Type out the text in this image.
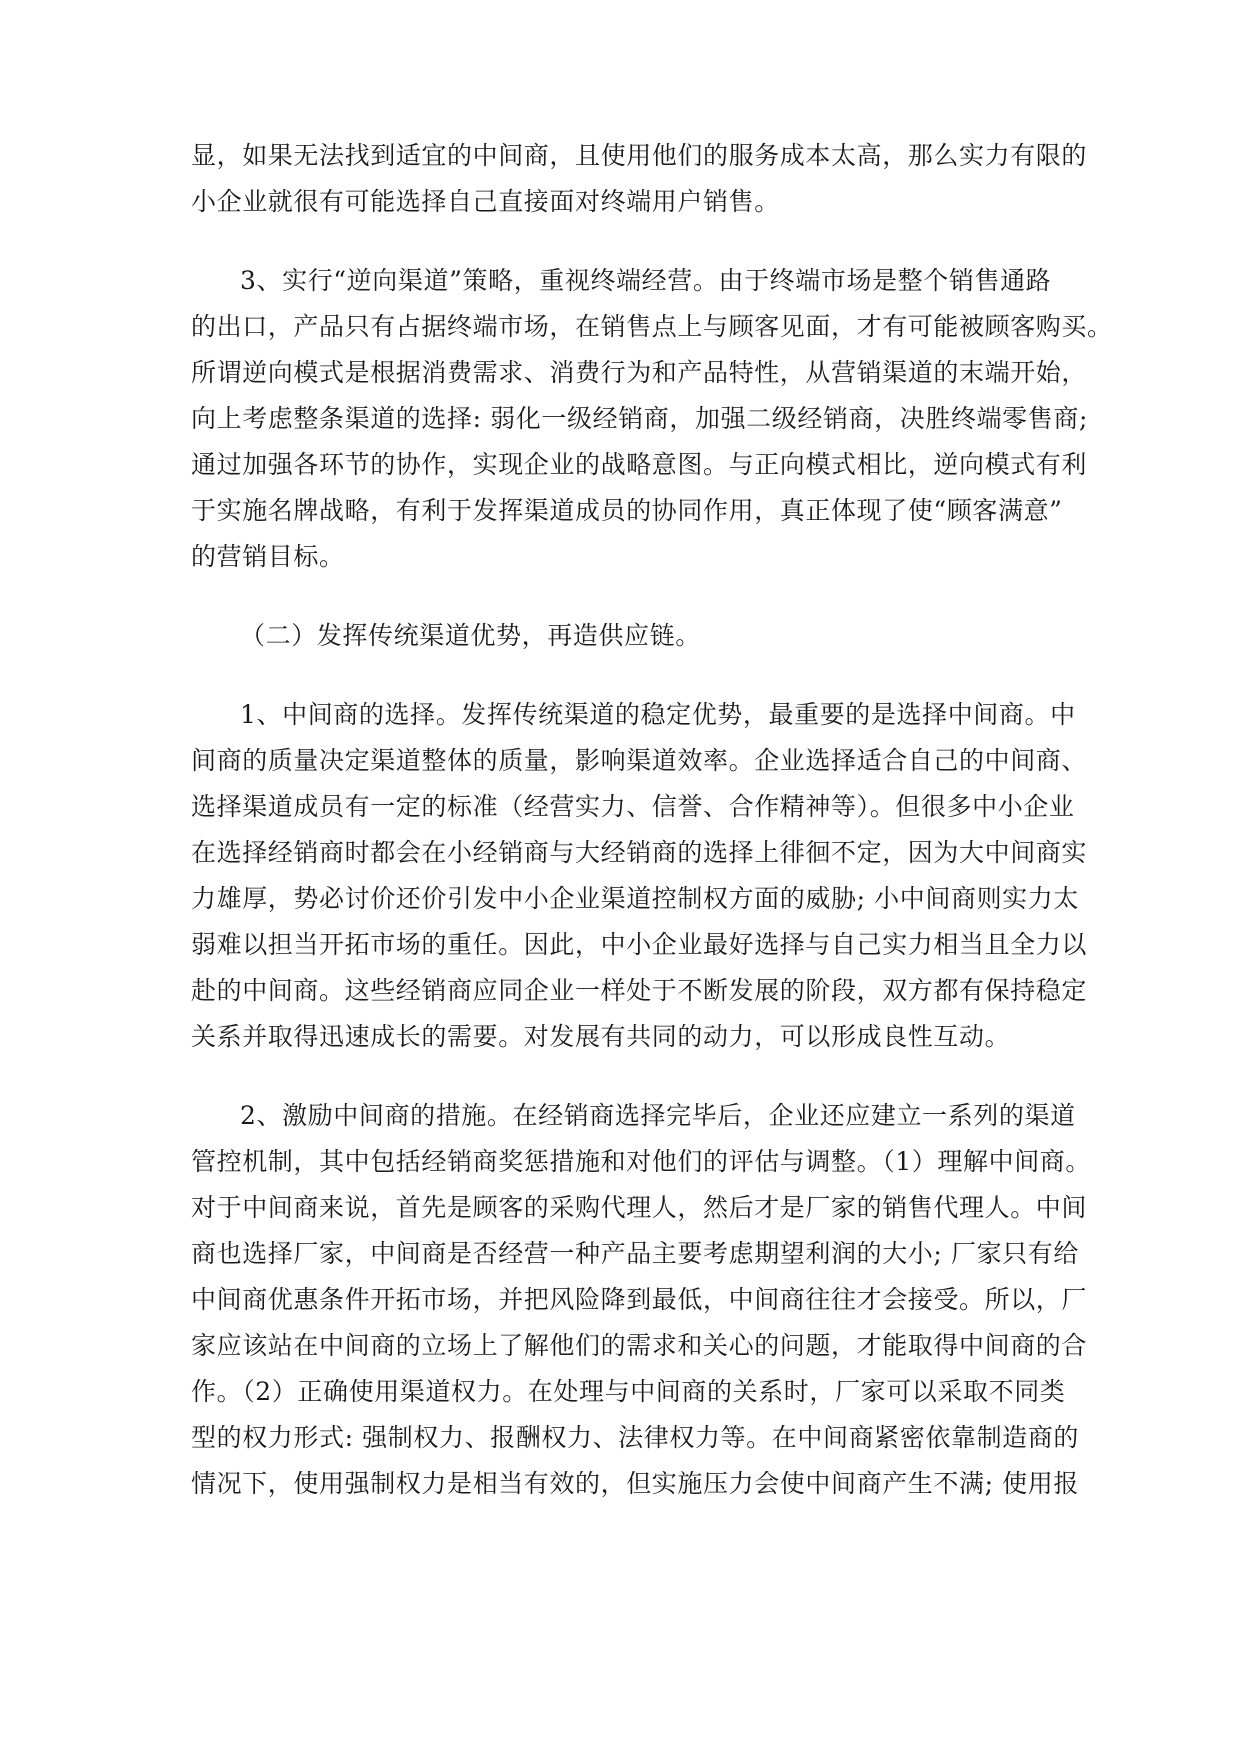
显，如果无法找到适宜的中间商，且使用他们的服务成本太高，那么实力有限的
小企业就很有可能选择自己直接面对终端用户销售。
3、实行“逆向渠道”策略，重视终端经营。由于终端市场是整个销售通路
的出口，产品只有占据终端市场，在销售点上与顾客见面，才有可能被顾客购买。
所谓逆向模式是根据消费需求、消费行为和产品特性，从营销渠道的末端开始，
向上考虑整条渠道的选择: 弱化一级经销商，加强二级经销商，决胜终端零售商;
通过加强各环节的协作，实现企业的战略意图。与正向模式相比，逆向模式有利
于实施名牌战略，有利于发挥渠道成员的协同作用，真正体现了使“顾客满意”
的营销目标。
（二）发挥传统渠道优势，再造供应链。
1、中间商的选择。发挥传统渠道的稳定优势，最重要的是选择中间商。中
间商的质量决定渠道整体的质量，影响渠道效率。企业选择适合自己的中间商、
选择渠道成员有一定的标准（经营实力、信誉、合作精神等）。但很多中小企业
在选择经销商时都会在小经销商与大经销商的选择上徘徊不定，因为大中间商实
力雄厚，势必讨价还价引发中小企业渠道控制权方面的威胁; 小中间商则实力太
弱难以担当开拓市场的重任。因此，中小企业最好选择与自己实力相当且全力以
赴的中间商。这些经销商应同企业一样处于不断发展的阶段，双方都有保持稳定
关系并取得迅速成长的需要。对发展有共同的动力，可以形成良性互动。
2、激励中间商的措施。在经销商选择完毕后，企业还应建立一系列的渠道
管控机制，其中包括经销商奖惩措施和对他们的评估与调整。（1）理解中间商。
对于中间商来说，首先是顾客的采购代理人，然后才是厂家的销售代理人。中间
商也选择厂家，中间商是否经营一种产品主要考虑期望利润的大小; 厂家只有给
中间商优惠条件开拓市场，并把风险降到最低，中间商往往才会接受。所以，厂
家应该站在中间商的立场上了解他们的需求和关心的问题，才能取得中间商的合
作。（2）正确使用渠道权力。在处理与中间商的关系时，厂家可以采取不同类
型的权力形式: 强制权力、报酬权力、法律权力等。在中间商紧密依靠制造商的
情况下，使用强制权力是相当有效的，但实施压力会使中间商产生不满; 使用报
